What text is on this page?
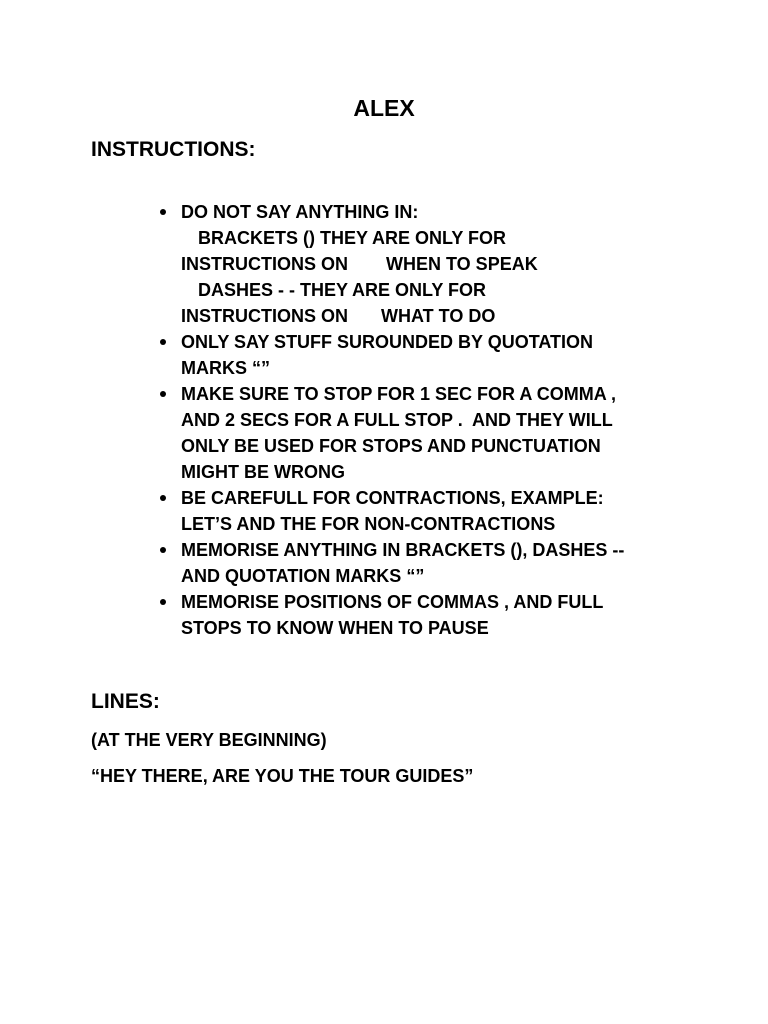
ALEX
INSTRUCTIONS:
DO NOT SAY ANYTHING IN:
BRACKETS () THEY ARE ONLY FOR
INSTRUCTIONS ON WHEN TO SPEAK
DASHES - - THEY ARE ONLY FOR
INSTRUCTIONS ON WHAT TO DO
ONLY SAY STUFF SUROUNDED BY QUOTATION
MARKS “”
MAKE SURE TO STOP FOR 1 SEC FOR A COMMA ,
AND 2 SECS FOR A FULL STOP .  AND THEY WILL
ONLY BE USED FOR STOPS AND PUNCTUATION
MIGHT BE WRONG
BE CAREFULL FOR CONTRACTIONS, EXAMPLE:
LET’S AND THE FOR NON-CONTRACTIONS
MEMORISE ANYTHING IN BRACKETS (), DASHES --
AND QUOTATION MARKS “”
MEMORISE POSITIONS OF COMMAS , AND FULL
STOPS TO KNOW WHEN TO PAUSE
LINES:
(AT THE VERY BEGINNING)
“HEY THERE, ARE YOU THE TOUR GUIDES”
